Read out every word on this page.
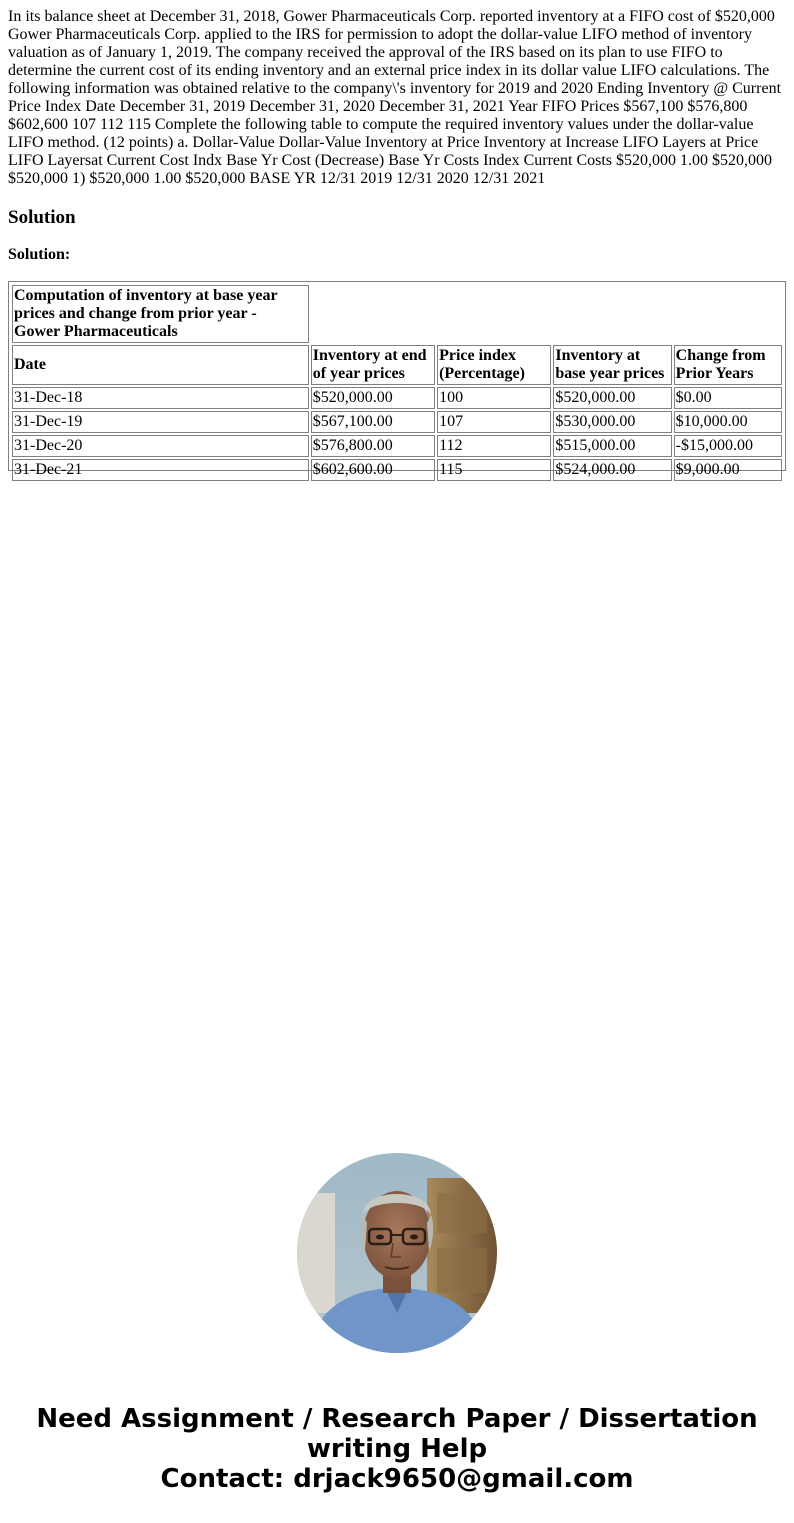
In its balance sheet at December 31, 2018, Gower Pharmaceuticals Corp. reported inventory at a FIFO cost of $520,000 Gower Pharmaceuticals Corp. applied to the IRS for permission to adopt the dollar-value LIFO method of inventory valuation as of January 1, 2019. The company received the approval of the IRS based on its plan to use FIFO to determine the current cost of its ending inventory and an external price index in its dollar value LIFO calculations. The following information was obtained relative to the company\'s inventory for 2019 and 2020 Ending Inventory @ Current Price Index Date December 31, 2019 December 31, 2020 December 31, 2021 Year FIFO Prices $567,100 $576,800 $602,600 107 112 115 Complete the following table to compute the required inventory values under the dollar-value LIFO method. (12 points) a. Dollar-Value Dollar-Value Inventory at Price Inventory at Increase LIFO Layers at Price LIFO Layersat Current Cost Indx Base Yr Cost (Decrease) Base Yr Costs Index Current Costs $520,000 1.00 $520,000 $520,000 1) $520,000 1.00 $520,000 BASE YR 12/31 2019 12/31 2020 12/31 2021

Solution

Solution:

Computation of inventory at base year prices and change from prior year - Gower Pharmaceuticals				
Date	Inventory at end of year prices	Price index (Percentage)	Inventory at base year prices	Change from Prior Years
31-Dec-18	$520,000.00	100	$520,000.00	$0.00
31-Dec-19	$567,100.00	107	$530,000.00	$10,000.00
31-Dec-20	$576,800.00	112	$515,000.00	-$15,000.00
31-Dec-21	$602,600.00	115	$524,000.00	$9,000.00

Need Assignment / Research Paper / Dissertation
writing Help
Contact: drjack9650@gmail.com
